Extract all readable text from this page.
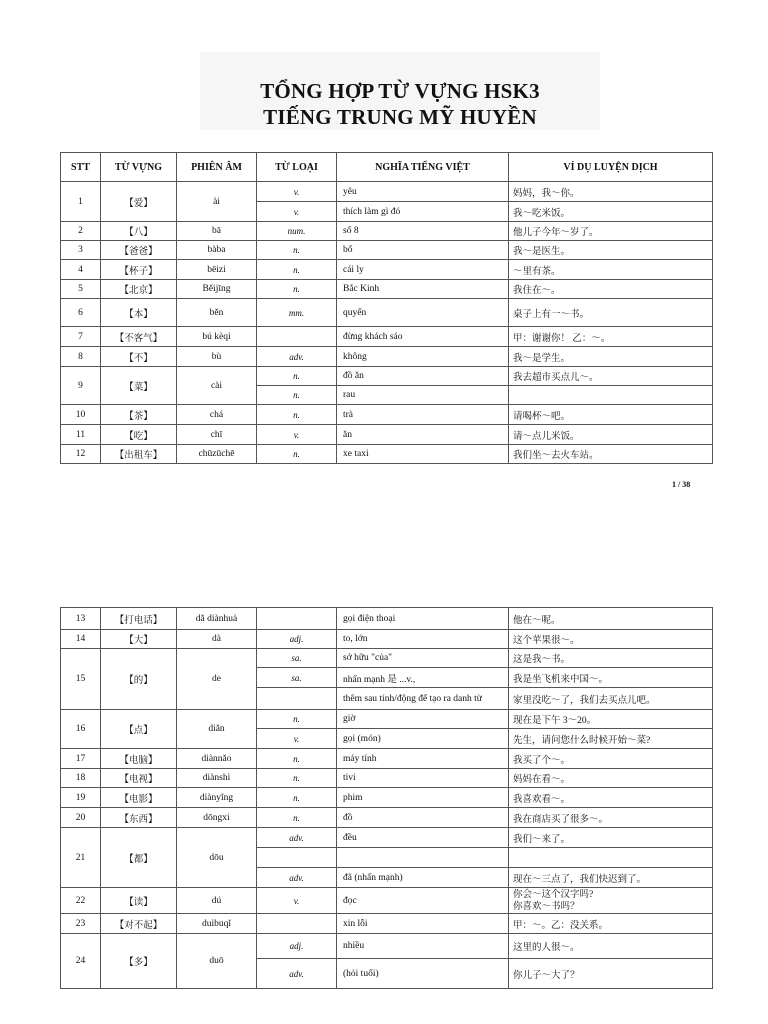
TỔNG HỢP TỪ VỰNG HSK3
TIẾNG TRUNG MỸ HUYỀN
STT	TỪ VỰNG	PHIÊN ÂM	TỪ LOẠI	NGHĨA TIẾNG VIỆT	VÍ DỤ LUYỆN DỊCH
1	【爱】	ài	v.	yêu	妈妈，我～你。
			v.	thích làm gì đó	我～吃米饭。
2	【八】	bā	num.	số 8	他儿子今年～岁了。
3	【爸爸】	bàba	n.	bố	我～是医生。
4	【杯子】	bēizi	n.	cái ly	～里有茶。
5	【北京】	Běijīng	n.	Bắc Kinh	我住在～。
6	【本】	běn	mm.	quyển	桌子上有一～书。
7	【不客气】	bú kèqi		đừng khách sáo	甲：谢谢你！ 乙：～。
8	【不】	bù	adv.	không	我～是学生。
9	【菜】	cài	n.	đồ ăn	我去超市买点儿～。
			n.	rau	
10	【茶】	chá	n.	trà	请喝杯～吧。
11	【吃】	chī	v.	ăn	请～点儿米饭。
12	【出租车】	chūzūchē	n.	xe taxi	我们坐～去火车站。
1 / 38
13	【打电话】	dǎ diànhuà		gọi điện thoại	他在～呢。
14	【大】	dà	adj.	to, lớn	这个苹果很～。
15	【的】	de	sa.	sở hữu "của"	这是我～书。
			sa.	nhấn mạnh 是 ...v.,	我是坐飞机来中国～。
				thêm sau tính/động để tạo ra danh từ	家里没吃～了，我们去买点儿吧。
16	【点】	diǎn	n.	giờ	现在是下午 3～20。
			v.	gọi (món)	先生，请问您什么时候开始～菜?
17	【电脑】	diànnǎo	n.	máy tính	我买了个～。
18	【电视】	diànshì	n.	tivi	妈妈在看～。
19	【电影】	diànyǐng	n.	phim	我喜欢看～。
20	【东西】	dōngxi	n.	đồ	我在商店买了很多～。
21	【都】	dōu	adv.	đều	我们～来了。

			adv.	đã (nhấn mạnh)	现在～三点了，我们快迟到了。
22	【读】	dú	v.	đọc	你会～这个汉字吗?
你喜欢～书吗？

23	【对不起】	duìbuqǐ		xin lỗi	甲：～。乙：没关系。
24	【多】	duō	adj.	nhiều	这里的人很～。
			adv.	(hỏi tuổi)	你儿子～大了？
